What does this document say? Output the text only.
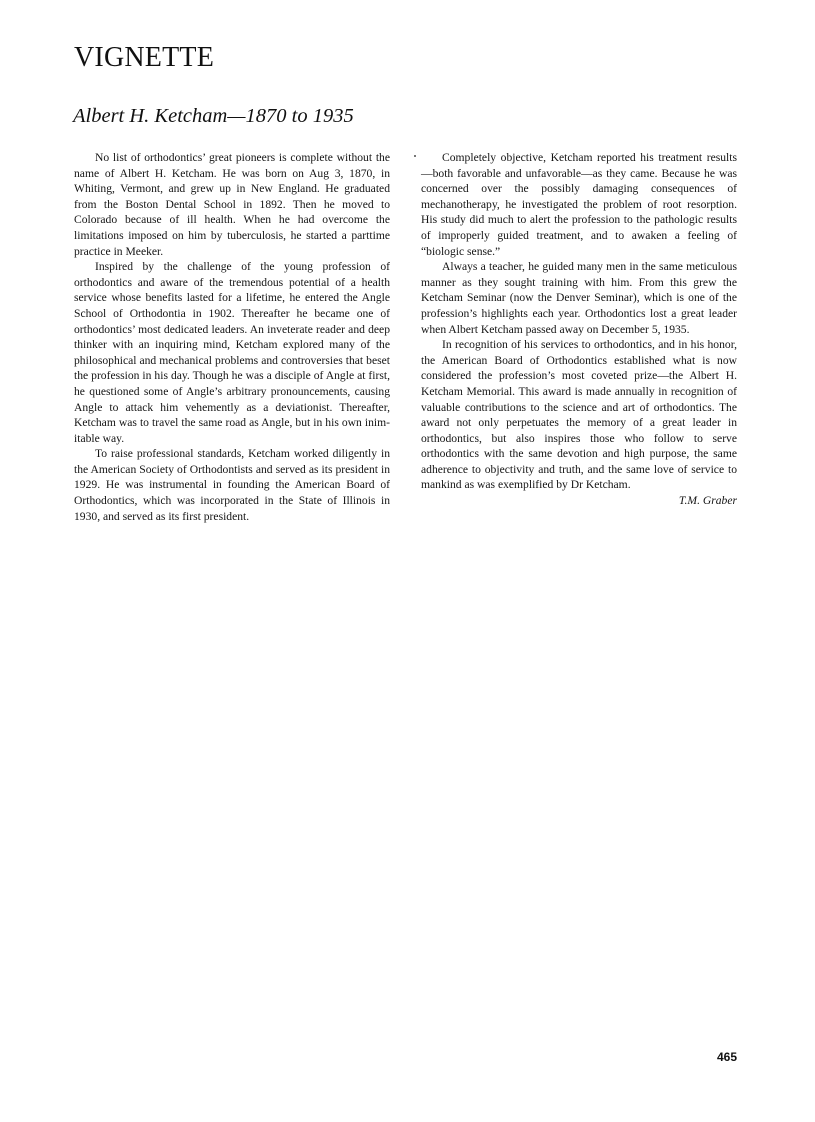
VIGNETTE
Albert H. Ketcham—1870 to 1935

No list of orthodontics’ great pioneers is complete without the name of Albert H. Ketcham. He was born on Aug 3, 1870, in Whiting, Vermont, and grew up in New England. He graduated from the Boston Dental School in 1892. Then he moved to Colorado because of ill health. When he had overcome the limitations imposed on him by tuberculosis, he started a parttime practice in Meeker.

Inspired by the challenge of the young profession of orthodontics and aware of the tremendous potential of a health service whose benefits lasted for a lifetime, he entered the Angle School of Orthodontia in 1902. Thereafter he became one of orthodontics’ most dedicated leaders. An inveterate reader and deep thinker with an inquiring mind, Ketcham explored many of the philosophical and mechanical problems and controversies that beset the profession in his day. Though he was a disciple of Angle at first, he questioned some of Angle’s arbitrary pronouncements, causing Angle to attack him vehemently as a deviationist. Thereafter, Ketcham was to travel the same road as Angle, but in his own inimitable way.

To raise professional standards, Ketcham worked diligently in the American Society of Orthodontists and served as its president in 1929. He was instrumental in founding the American Board of Orthodontics, which was incorporated in the State of Illinois in 1930, and served as its first president.

Completely objective, Ketcham reported his treatment results—both favorable and unfavorable—as they came. Because he was concerned over the possibly damaging consequences of mechanotherapy, he investigated the problem of root resorption. His study did much to alert the profession to the pathologic results of improperly guided treatment, and to awaken a feeling of “biologic sense.”

Always a teacher, he guided many men in the same meticulous manner as they sought training with him. From this grew the Ketcham Seminar (now the Denver Seminar), which is one of the profession’s highlights each year. Orthodontics lost a great leader when Albert Ketcham passed away on December 5, 1935.

In recognition of his services to orthodontics, and in his honor, the American Board of Orthodontics established what is now considered the profession’s most coveted prize—the Albert H. Ketcham Memorial. This award is made annually in recognition of valuable contributions to the science and art of orthodontics. The award not only perpetuates the memory of a great leader in orthodontics, but also inspires those who follow to serve orthodontics with the same devotion and high purpose, the same adherence to objectivity and truth, and the same love of service to mankind as was exemplified by Dr Ketcham.

T.M. Graber

465
